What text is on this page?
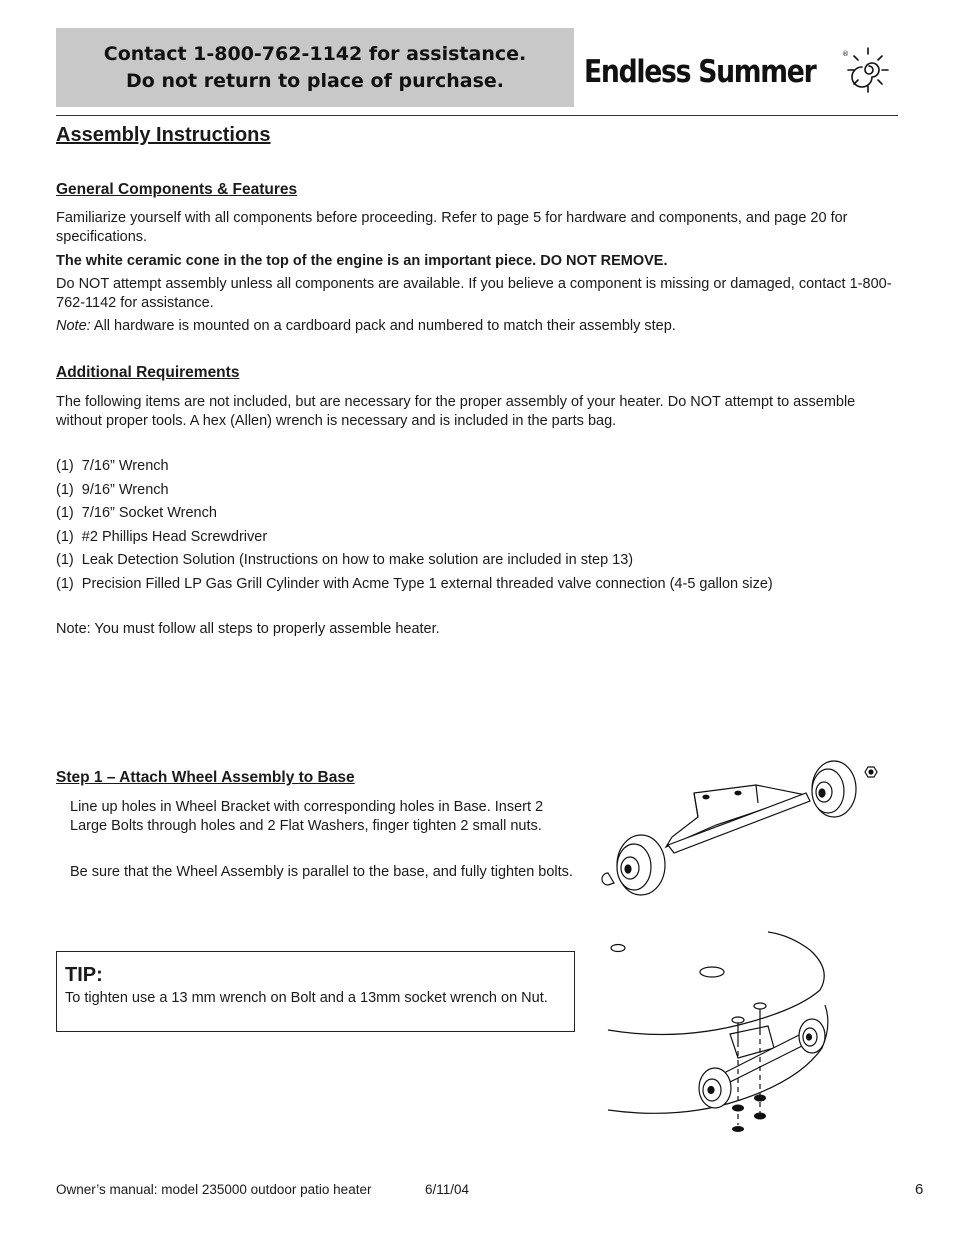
Contact 1-800-762-1142 for assistance.
Do not return to place of purchase.	Endless Summer	®
Assembly Instructions
General Components & Features

Familiarize yourself with all components before proceeding. Refer to page 5 for hardware and components, and page 20 for specifications.

The white ceramic cone in the top of the engine is an important piece. DO NOT REMOVE.

Do NOT attempt assembly unless all components are available. If you believe a component is missing or damaged, contact 1-800-762-1142 for assistance.

Note: All hardware is mounted on a cardboard pack and numbered to match their assembly step.

Additional Requirements

The following items are not included, but are necessary for the proper assembly of your heater. Do NOT attempt to assemble without proper tools. A hex (Allen) wrench is necessary and is included in the parts bag.

(1) 7/16” Wrench
(1) 9/16” Wrench
(1) 7/16” Socket Wrench
(1) #2 Phillips Head Screwdriver
(1) Leak Detection Solution (Instructions on how to make solution are included in step 13)
(1) Precision Filled LP Gas Grill Cylinder with Acme Type 1 external threaded valve connection (4-5 gallon size)

Note: You must follow all steps to properly assemble heater.

Step 1 – Attach Wheel Assembly to Base

Line up holes in Wheel Bracket with corresponding holes in Base. Insert 2 Large Bolts through holes and 2 Flat Washers, finger tighten 2 small nuts.

Be sure that the Wheel Assembly is parallel to the base, and fully tighten bolts.

TIP:
To tighten use a 13 mm wrench on Bolt and a 13mm socket wrench on Nut.
Owner’s manual: model 235000 outdoor patio heater	6/11/04	6
